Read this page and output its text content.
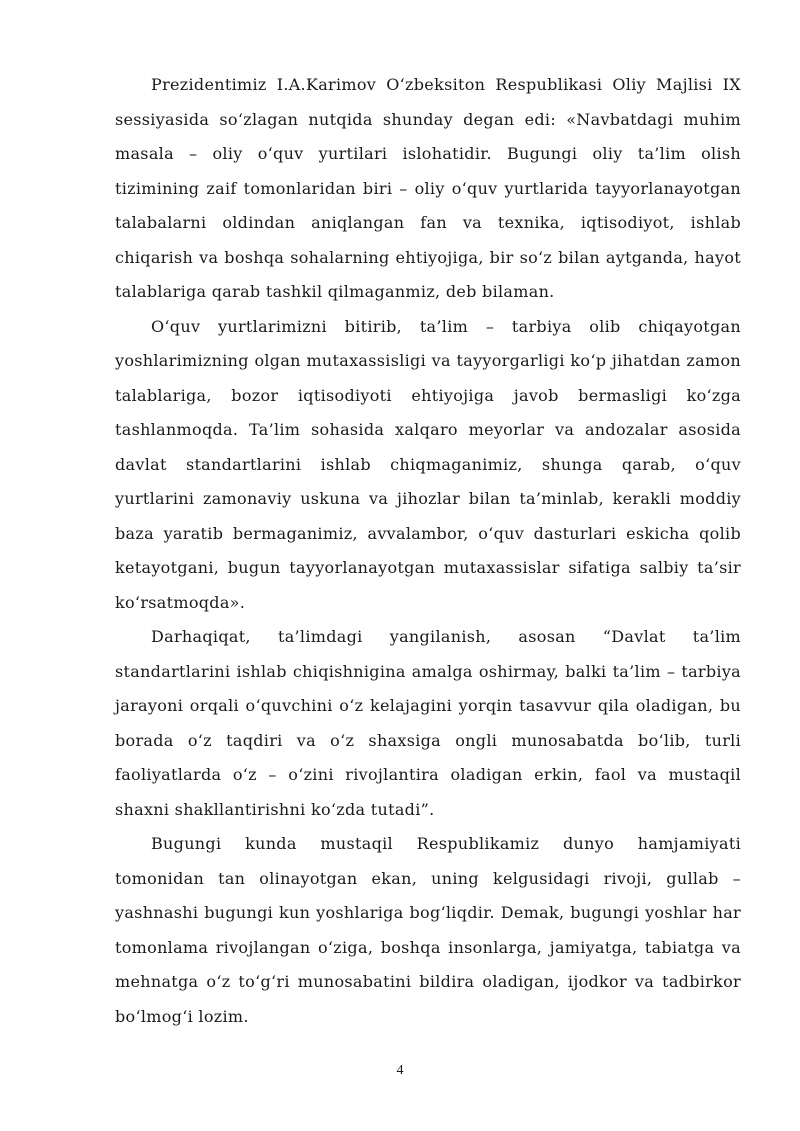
Prezidentimiz I.A.Karimov O‘zbeksiton Respublikasi Oliy Majlisi IX sessiyasida so‘zlagan nutqida shunday degan edi: «Navbatdagi muhim masala – oliy o‘quv yurtilari islohatidir. Bugungi oliy ta’lim olish tizimining zaif tomonlaridan biri – oliy o‘quv yurtlarida tayyorlanayotgan talabalarni oldindan aniqlangan fan va texnika, iqtisodiyot, ishlab chiqarish va boshqa sohalarning ehtiyojiga, bir so‘z bilan aytganda, hayot talablariga qarab tashkil qilmaganmiz, deb bilaman.

O‘quv yurtlarimizni bitirib, ta’lim – tarbiya olib chiqayotgan yoshlarimizning olgan mutaxassisligi va tayyorgarligi ko‘p jihatdan zamon talablariga, bozor iqtisodiyoti ehtiyojiga javob bermasligi ko‘zga tashlanmoqda. Ta’lim sohasida xalqaro meyorlar va andozalar asosida davlat standartlarini ishlab chiqmaganimiz, shunga qarab, o‘quv yurtlarini zamonaviy uskuna va jihozlar bilan ta’minlab, kerakli moddiy baza yaratib bermaganimiz, avvalambor, o‘quv dasturlari eskicha qolib ketayotgani, bugun tayyorlanayotgan mutaxassislar sifatiga salbiy ta’sir ko‘rsatmoqda».

Darhaqiqat, ta’limdagi yangilanish, asosan “Davlat ta’lim standartlarini ishlab chiqishnigina amalga oshirmay, balki ta’lim – tarbiya jarayoni orqali o‘quvchini o‘z kelajagini yorqin tasavvur qila oladigan, bu borada o‘z taqdiri va o‘z shaxsiga ongli munosabatda bo‘lib, turli faoliyatlarda o‘z – o‘zini rivojlantira oladigan erkin, faol va mustaqil shaxni shakllantirishni ko‘zda tutadi”.

Bugungi kunda mustaqil Respublikamiz dunyo hamjamiyati tomonidan tan olinayotgan ekan, uning kelgusidagi rivoji, gullab – yashnashi bugungi kun yoshlariga bog‘liqdir. Demak, bugungi yoshlar har tomonlama rivojlangan o‘ziga, boshqa insonlarga, jamiyatga, tabiatga va mehnatga o‘z to‘g‘ri munosabatini bildira oladigan, ijodkor va tadbirkor bo‘lmog‘i lozim.

4
